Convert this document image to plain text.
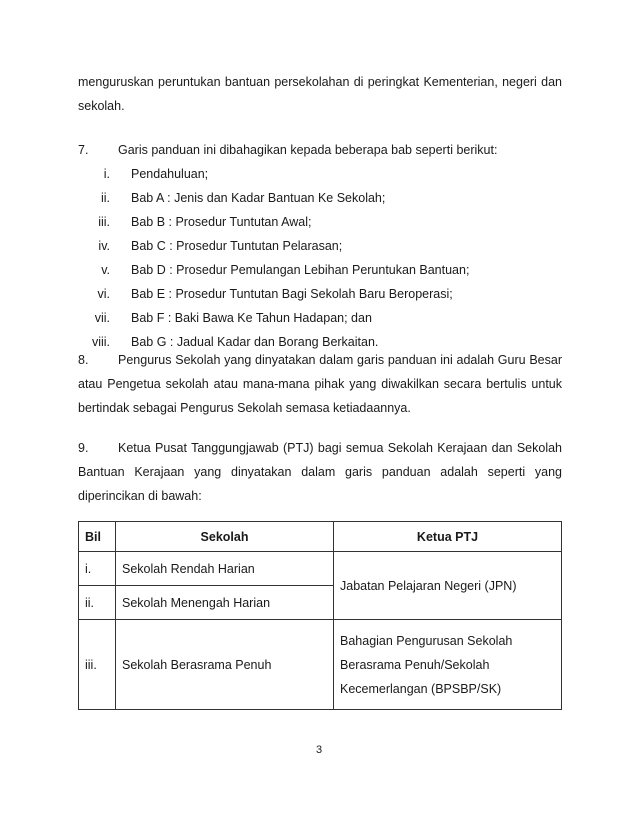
menguruskan peruntukan bantuan persekolahan di peringkat Kementerian, negeri dan
sekolah.
7. Garis panduan ini dibahagikan kepada beberapa bab seperti berikut:
i. Pendahuluan;
ii. Bab A : Jenis dan Kadar Bantuan Ke Sekolah;
iii. Bab B : Prosedur Tuntutan Awal;
iv. Bab C : Prosedur Tuntutan Pelarasan;
v. Bab D : Prosedur Pemulangan Lebihan Peruntukan Bantuan;
vi. Bab E : Prosedur Tuntutan Bagi Sekolah Baru Beroperasi;
vii. Bab F : Baki Bawa Ke Tahun Hadapan; dan
viii. Bab G : Jadual Kadar dan Borang Berkaitan.
8. Pengurus Sekolah yang dinyatakan dalam garis panduan ini adalah Guru Besar
atau Pengetua sekolah atau mana-mana pihak yang diwakilkan secara bertulis untuk
bertindak sebagai Pengurus Sekolah semasa ketiadaannya.
9. Ketua Pusat Tanggungjawab (PTJ) bagi semua Sekolah Kerajaan dan Sekolah
Bantuan Kerajaan yang dinyatakan dalam garis panduan adalah seperti yang
diperincikan di bawah:
Bil	Sekolah	Ketua PTJ
i.	Sekolah Rendah Harian	Jabatan Pelajaran Negeri (JPN)
ii.	Sekolah Menengah Harian	
iii.	Sekolah Berasrama Penuh	Bahagian Pengurusan Sekolah
Berasrama Penuh/Sekolah
Kecemerlangan (BPSBP/SK)
3
